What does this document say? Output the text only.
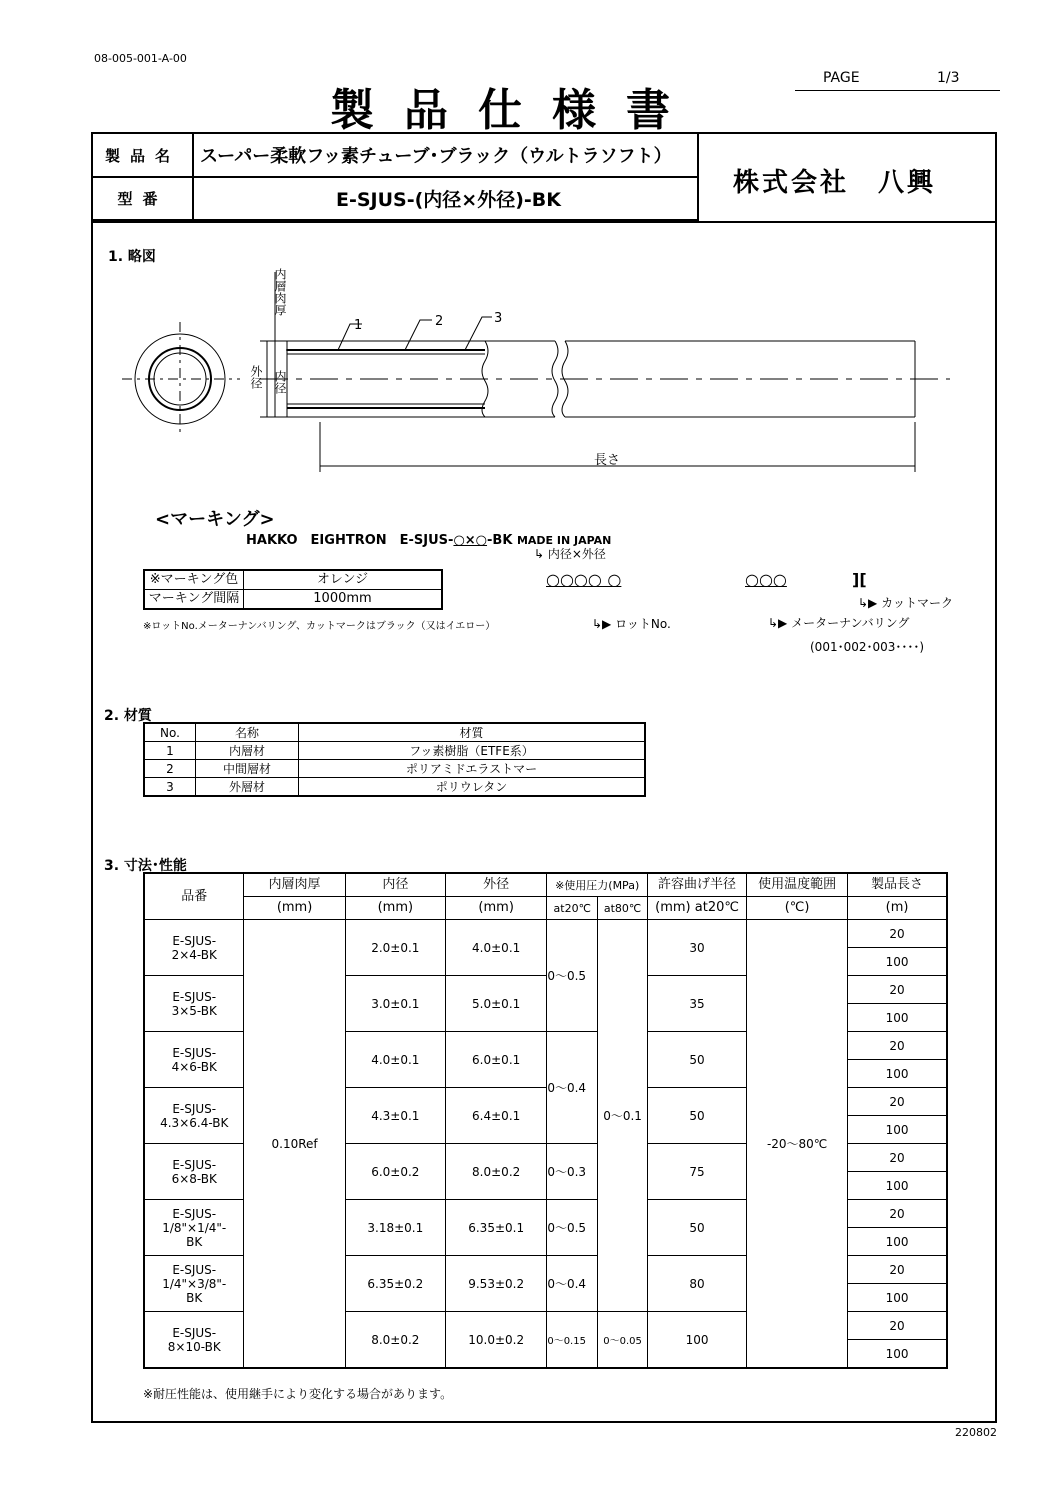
08-005-001-A-00
製品仕様書
PAGE	1/3
製品名	スーパー柔軟フッ素チューブ･ブラック（ウルトラソフト）
型番	E-SJUS-(内径×外径)-BK
株式会社　八興
1. 略図
1	2	3
内層肉厚
外径 内径
長さ
<マーキング>
HAKKO　EIGHTRON　E-SJUS-○×○-BK MADE IN JAPAN
↳ 内径×外径
○○○○ ○	○○○	][
↳▶ カットマーク
↳▶ ロットNo.	↳▶ メーターナンバリング
(001･002･003････)
※マーキング色	オレンジ
マーキング間隔	1000mm
※ロットNo.メーターナンバリング、カットマークはブラック（又はイエロー）
2. 材質
No.	名称	材質
1	内層材	フッ素樹脂（ETFE系）
2	中間層材	ポリアミドエラストマー
3	外層材	ポリウレタン
3. 寸法･性能
品番	内層肉厚	内径	外径	※使用圧力(MPa)		許容曲げ半径	使用温度範囲	製品長さ
	(mm)	(mm)	(mm)	at20℃	at80℃	(mm) at20℃	(℃)	(m)
E-SJUS-
2×4-BK	0.10Ref	2.0±0.1	4.0±0.1	0～0.5	0～0.1	30	-20～80℃	20
								100
E-SJUS-
3×5-BK		3.0±0.1	5.0±0.1			35		20
								100
E-SJUS-
4×6-BK		4.0±0.1	6.0±0.1	0～0.4		50		20
								100
E-SJUS-
4.3×6.4-BK		4.3±0.1	6.4±0.1			50		20
								100
E-SJUS-
6×8-BK		6.0±0.2	8.0±0.2	0～0.3		75		20
								100
E-SJUS-
1/8"×1/4"-
BK		3.18±0.1	6.35±0.1	0～0.5		50		20
								100
E-SJUS-
1/4"×3/8"-
BK		6.35±0.2	9.53±0.2	0～0.4		80		20
								100
E-SJUS-
8×10-BK		8.0±0.2	10.0±0.2	0～0.15	0～0.05	100		20
								100
※耐圧性能は、使用継手により変化する場合があります。
220802
